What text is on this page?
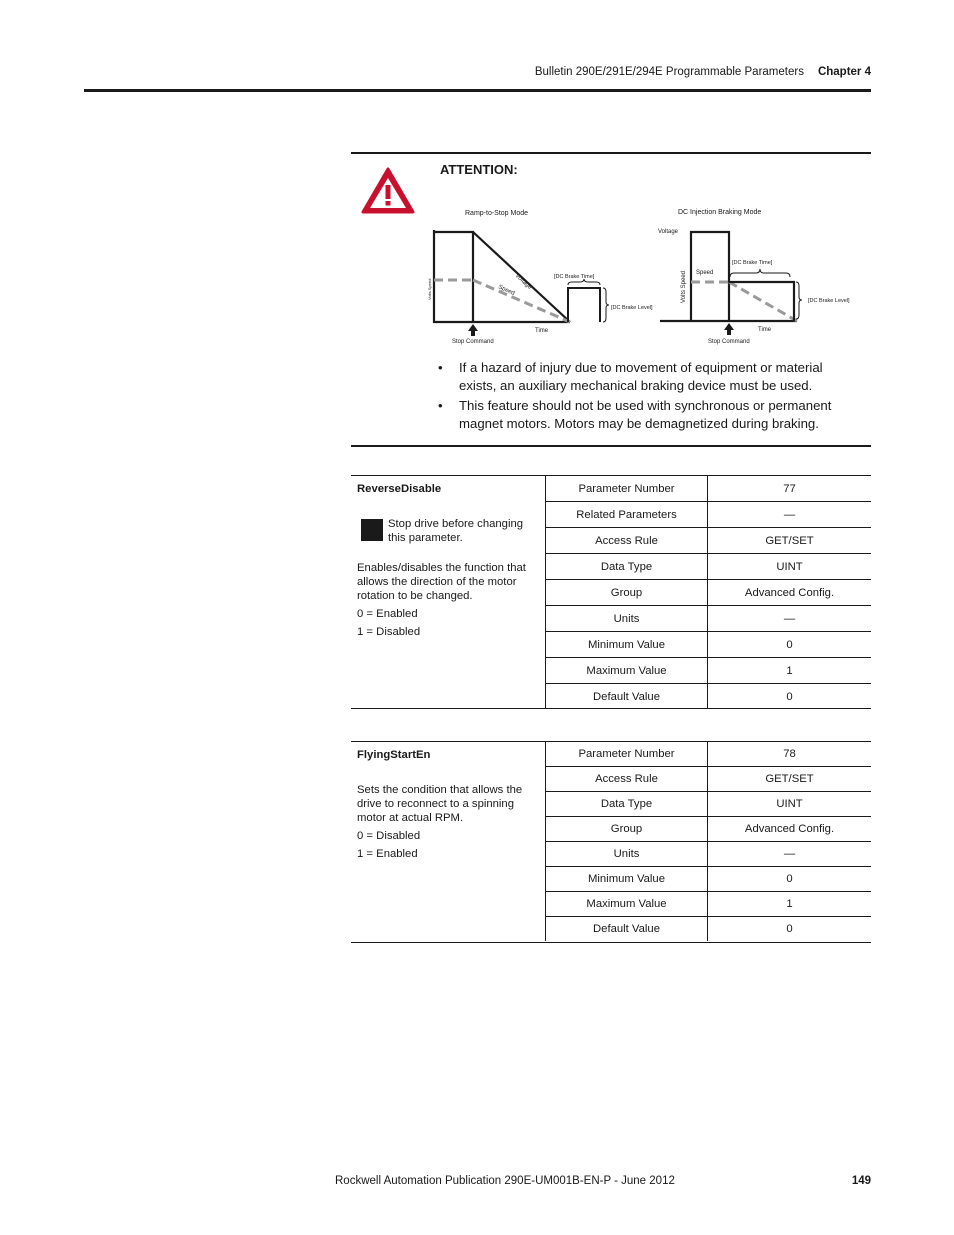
Bulletin 290E/291E/294E Programmable Parameters Chapter 4
ATTENTION:
Ramp-to-Stop Mode
Volts Speed	Voltage
Speed
[DC Brake Time]
[DC Brake Level]
Time
Stop Command
DC Injection Braking Mode
Voltage
Volts Speed Speed
[DC Brake Time]
[DC Brake Level]
Time
Stop Command
• If a hazard of injury due to movement of equipment or material exists, an auxiliary mechanical braking device must be used.
• This feature should not be used with synchronous or permanent magnet motors. Motors may be demagnetized during braking.
ReverseDisable
Stop drive before changing this parameter.

Enables/disables the function that allows the direction of the motor rotation to be changed.

0 = Enabled

1 = Disabled

Parameter Number	77
Related Parameters	—
Access Rule	GET/SET
Data Type	UINT
Group	Advanced Config.
Units	—
Minimum Value	0
Maximum Value	1
Default Value	0
FlyingStartEn

Sets the condition that allows the drive to reconnect to a spinning motor at actual RPM.

0 = Disabled

1 = Enabled

Parameter Number	78
Access Rule	GET/SET
Data Type	UINT
Group	Advanced Config.
Units	—
Minimum Value	0
Maximum Value	1
Default Value	0
Rockwell Automation Publication 290E-UM001B-EN-P - June 2012	149
